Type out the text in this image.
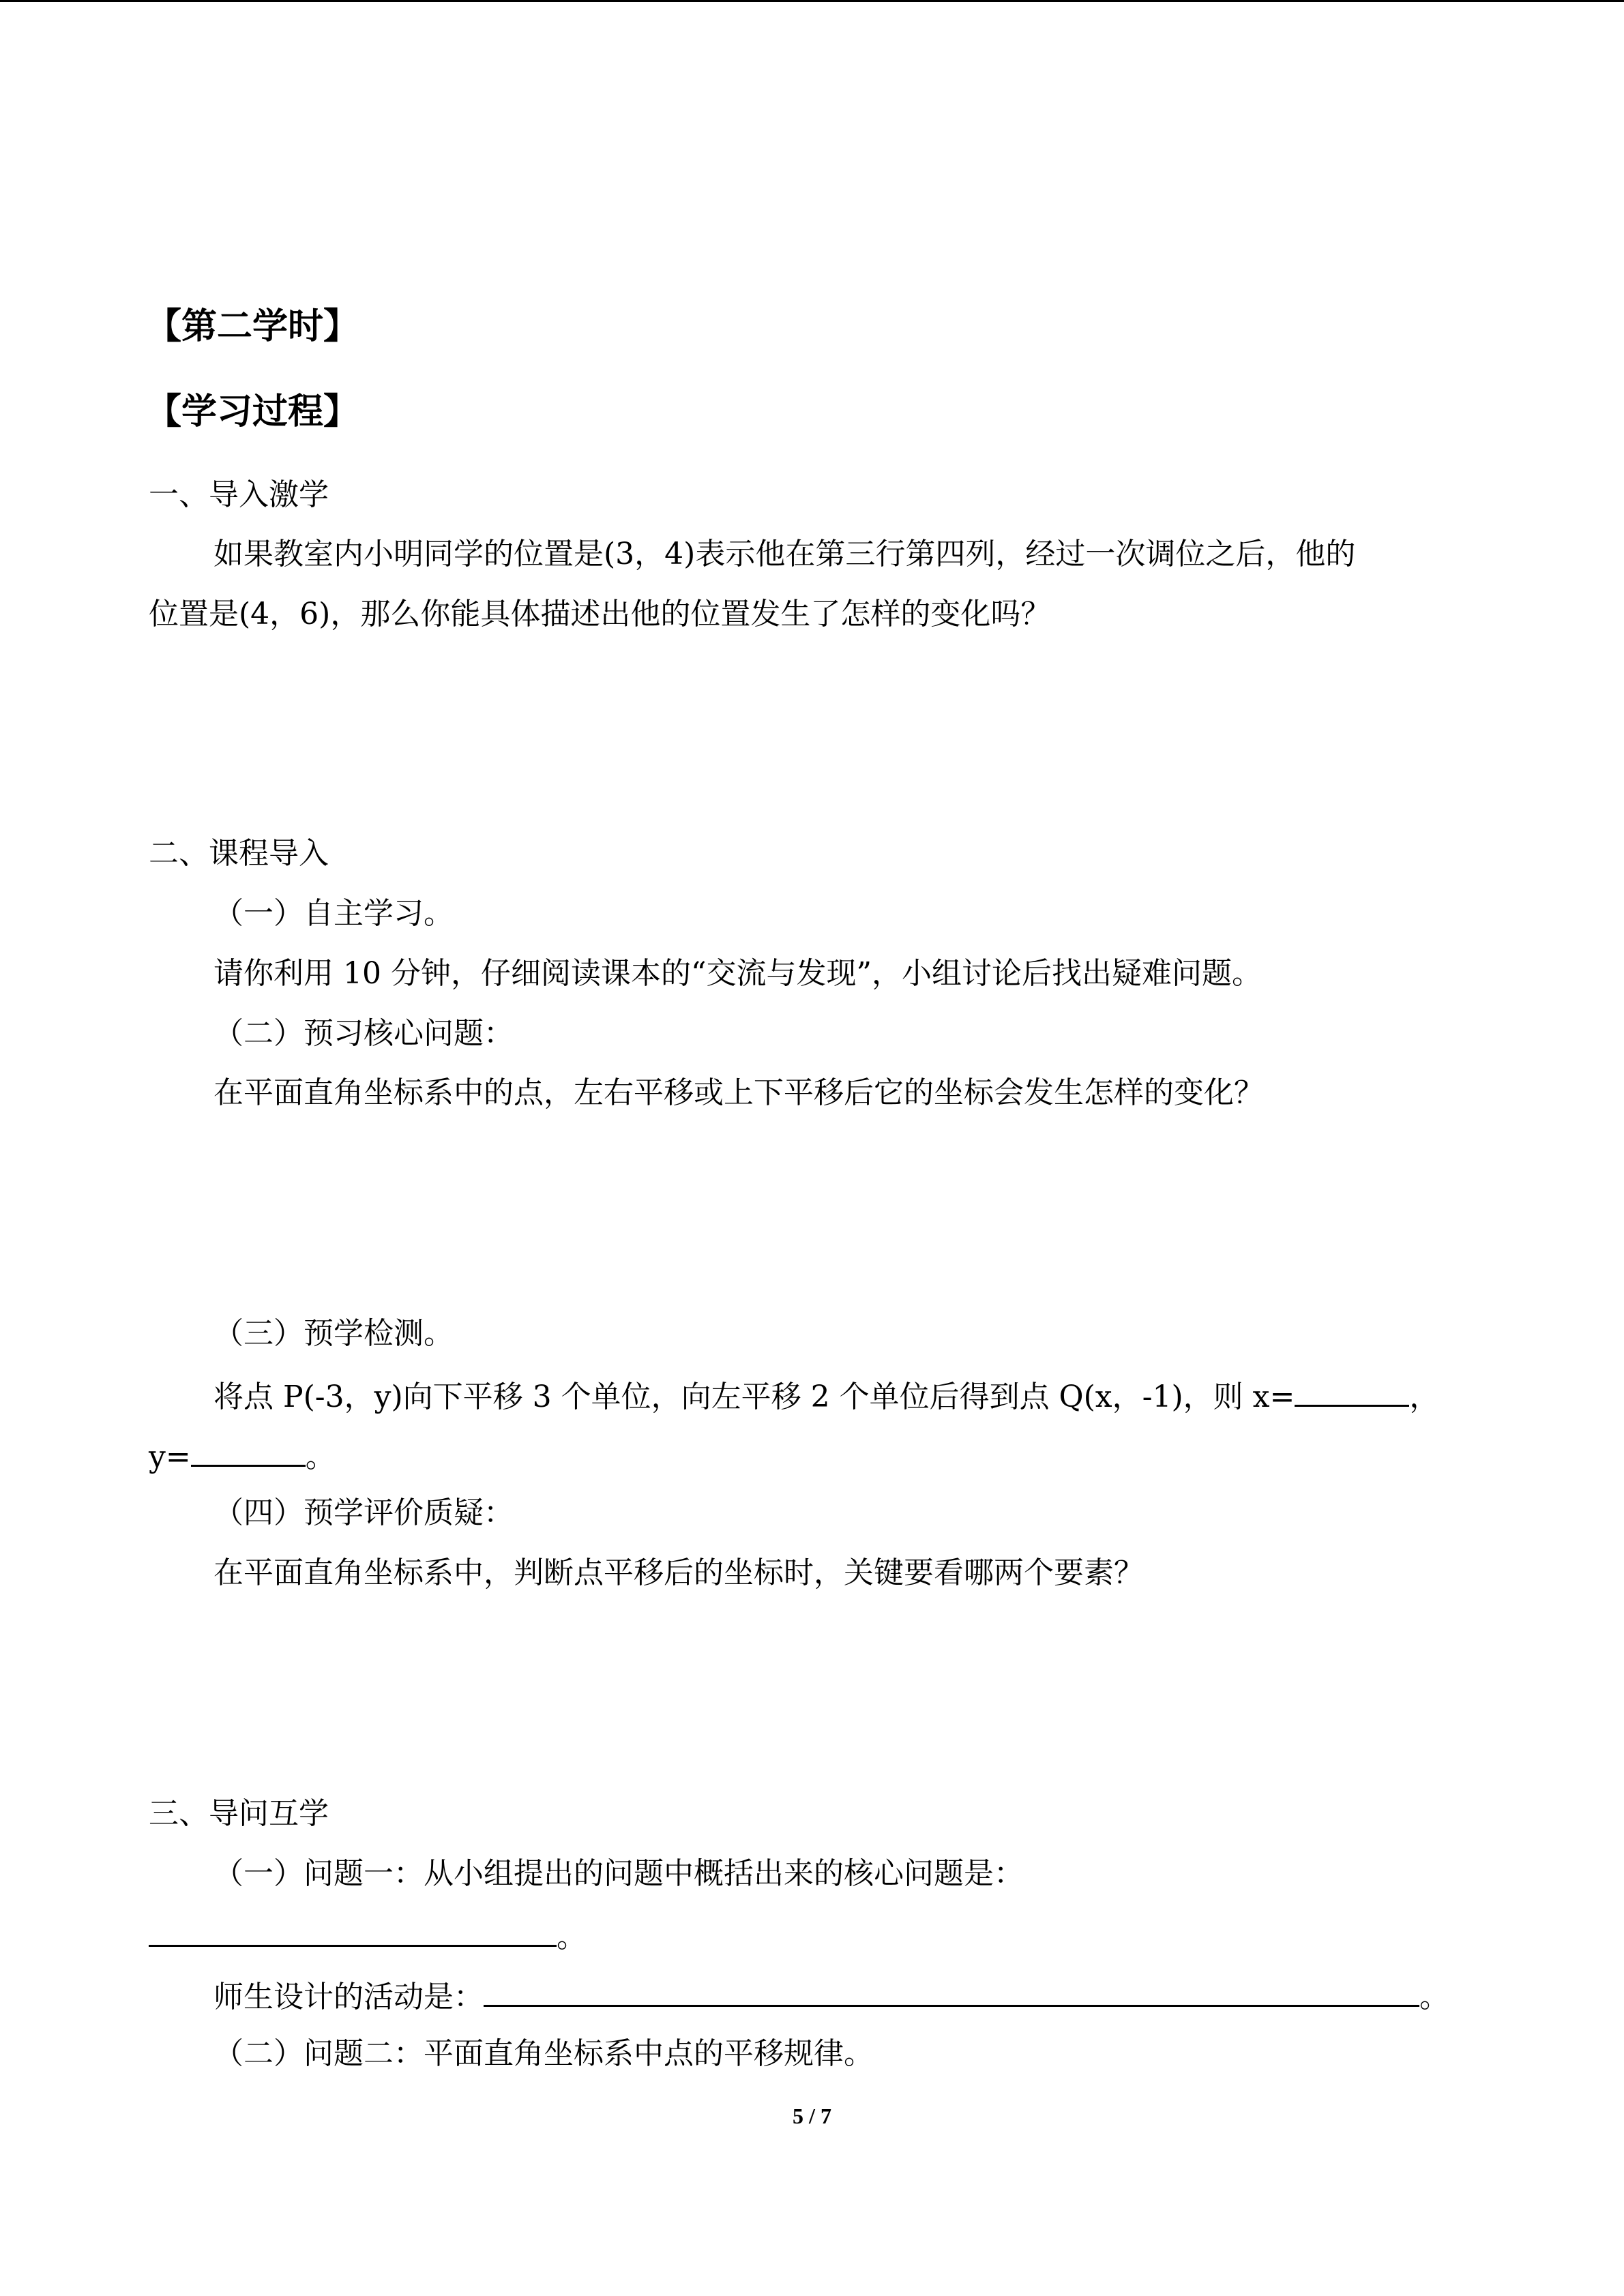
【第二学时】
【学习过程】
一、导入激学
如果教室内小明同学的位置是(3，4)表示他在第三行第四列，经过一次调位之后，他的
位置是(4，6)，那么你能具体描述出他的位置发生了怎样的变化吗？
二、课程导入
（一）自主学习。
请你利用 10 分钟，仔细阅读课本的“交流与发现”，小组讨论后找出疑难问题。
（二）预习核心问题：
在平面直角坐标系中的点，左右平移或上下平移后它的坐标会发生怎样的变化？
（三）预学检测。
将点 P(-3，y)向下平移 3 个单位，向左平移 2 个单位后得到点 Q(x，-1)，则 x=	，
y=	。
（四）预学评价质疑：
在平面直角坐标系中，判断点平移后的坐标时，关键要看哪两个要素？
三、导问互学
（一）问题一：从小组提出的问题中概括出来的核心问题是：
。
师生设计的活动是：	。
（二）问题二：平面直角坐标系中点的平移规律。
5 / 7
